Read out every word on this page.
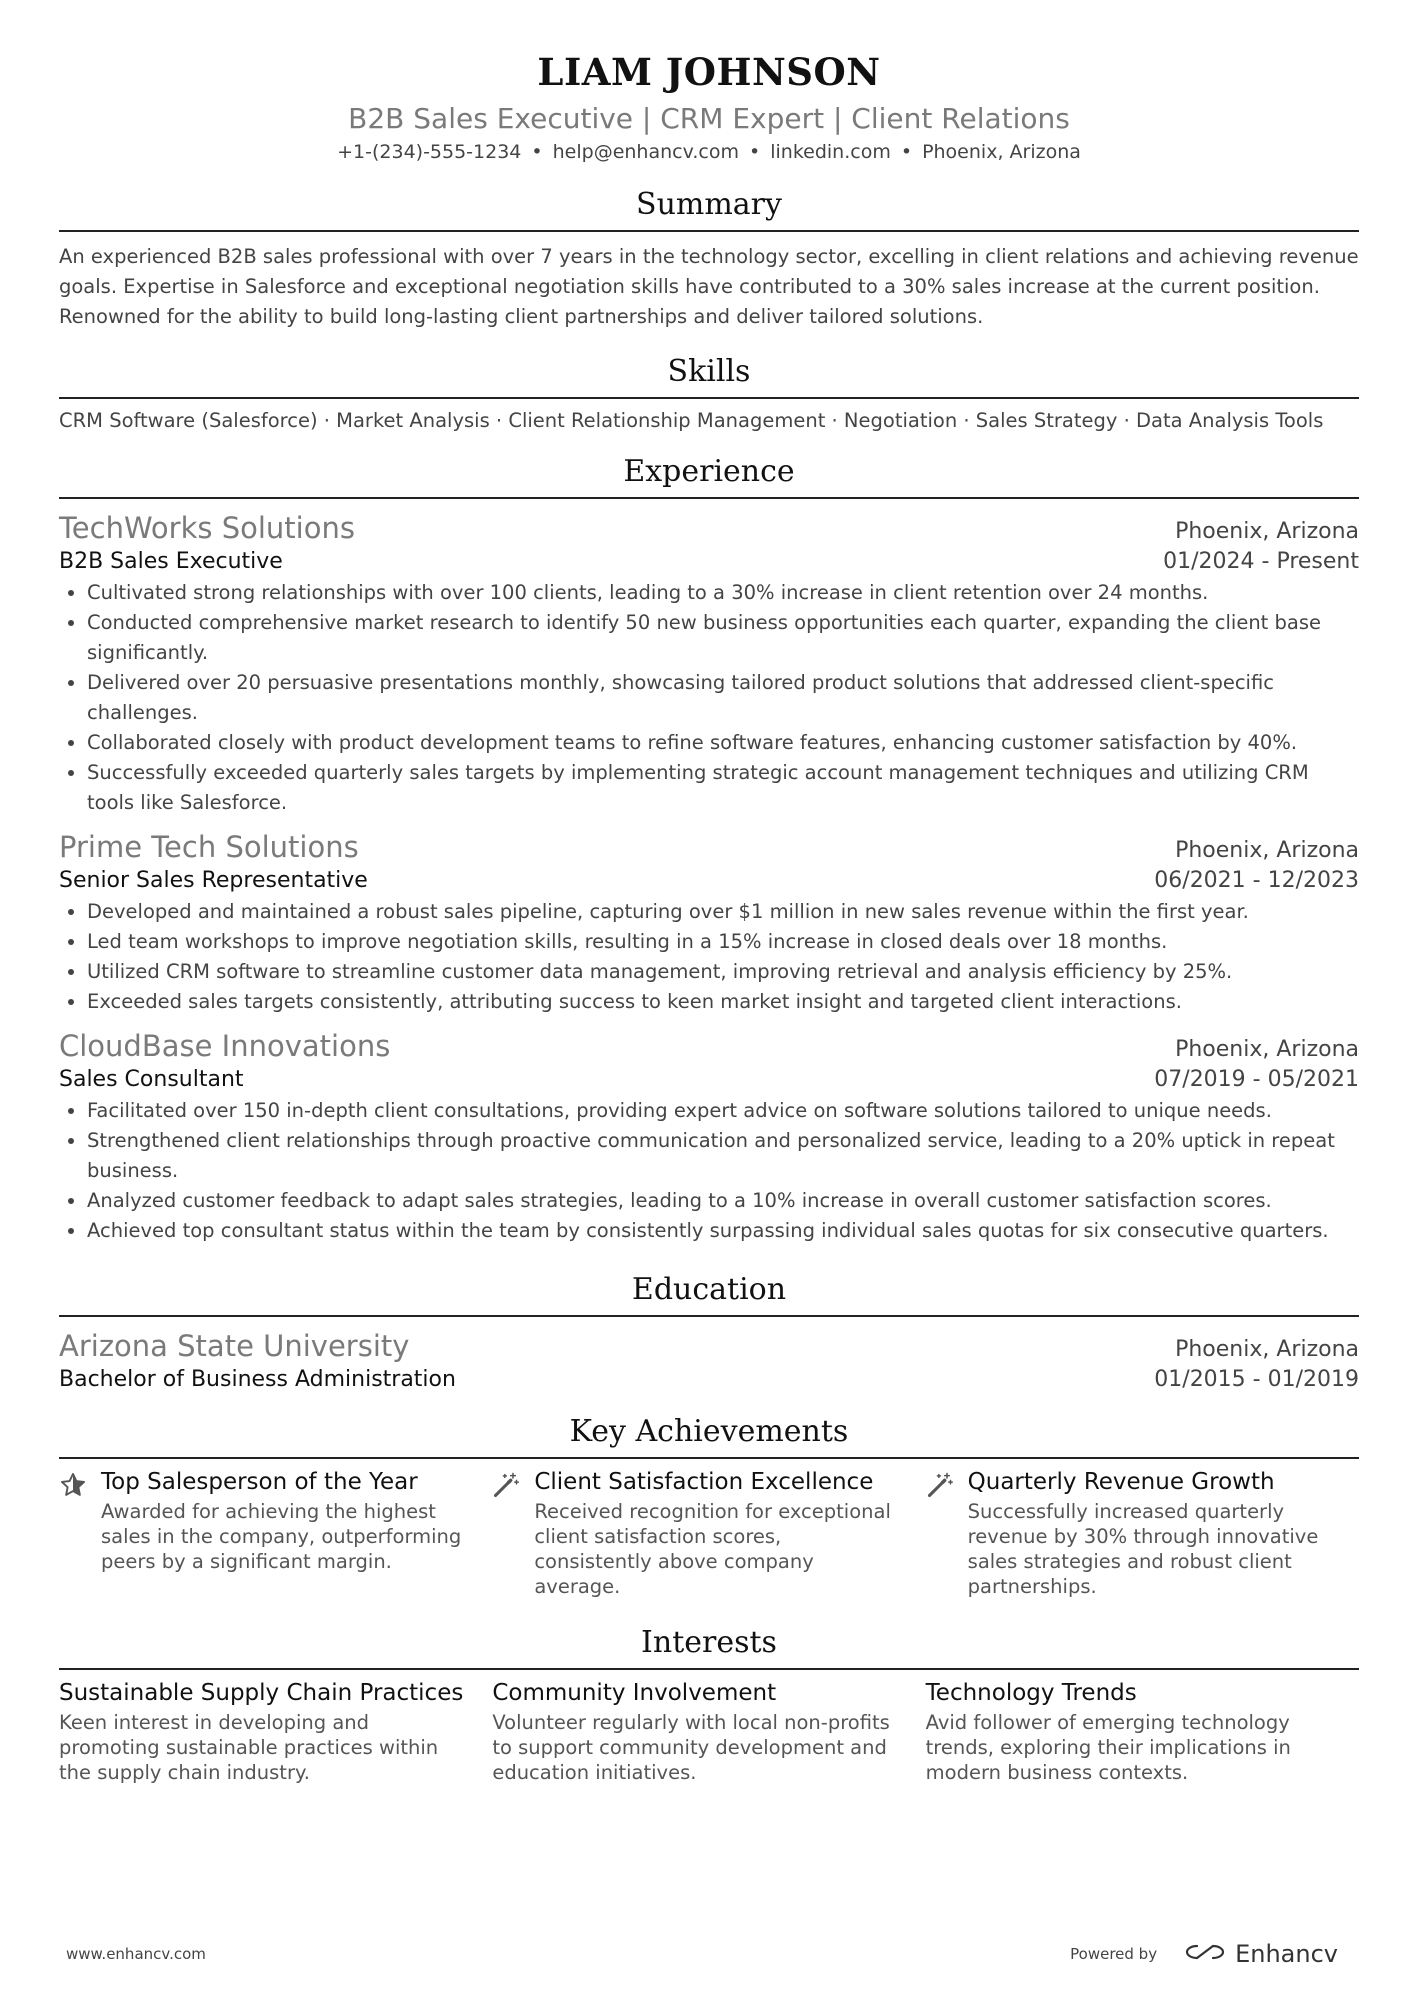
LIAM JOHNSON
B2B Sales Executive | CRM Expert | Client Relations
+1-(234)-555-1234 • help@enhancv.com • linkedin.com • Phoenix, Arizona
Summary
An experienced B2B sales professional with over 7 years in the technology sector, excelling in client relations and achieving revenue goals. Expertise in Salesforce and exceptional negotiation skills have contributed to a 30% sales increase at the current position. Renowned for the ability to build long-lasting client partnerships and deliver tailored solutions.
Skills
CRM Software (Salesforce) · Market Analysis · Client Relationship Management · Negotiation · Sales Strategy · Data Analysis Tools
Experience
TechWorks Solutions	Phoenix, Arizona
B2B Sales Executive	01/2024 - Present
• Cultivated strong relationships with over 100 clients, leading to a 30% increase in client retention over 24 months.
• Conducted comprehensive market research to identify 50 new business opportunities each quarter, expanding the client base significantly.
• Delivered over 20 persuasive presentations monthly, showcasing tailored product solutions that addressed client-specific challenges.
• Collaborated closely with product development teams to refine software features, enhancing customer satisfaction by 40%.
• Successfully exceeded quarterly sales targets by implementing strategic account management techniques and utilizing CRM tools like Salesforce.
Prime Tech Solutions	Phoenix, Arizona
Senior Sales Representative	06/2021 - 12/2023
• Developed and maintained a robust sales pipeline, capturing over $1 million in new sales revenue within the first year.
• Led team workshops to improve negotiation skills, resulting in a 15% increase in closed deals over 18 months.
• Utilized CRM software to streamline customer data management, improving retrieval and analysis efficiency by 25%.
• Exceeded sales targets consistently, attributing success to keen market insight and targeted client interactions.
CloudBase Innovations	Phoenix, Arizona
Sales Consultant	07/2019 - 05/2021
• Facilitated over 150 in-depth client consultations, providing expert advice on software solutions tailored to unique needs.
• Strengthened client relationships through proactive communication and personalized service, leading to a 20% uptick in repeat business.
• Analyzed customer feedback to adapt sales strategies, leading to a 10% increase in overall customer satisfaction scores.
• Achieved top consultant status within the team by consistently surpassing individual sales quotas for six consecutive quarters.
Education
Arizona State University	Phoenix, Arizona
Bachelor of Business Administration	01/2015 - 01/2019
Key Achievements
Top Salesperson of the Year
Awarded for achieving the highest sales in the company, outperforming peers by a significant margin.
Client Satisfaction Excellence
Received recognition for exceptional client satisfaction scores, consistently above company average.
Quarterly Revenue Growth
Successfully increased quarterly revenue by 30% through innovative sales strategies and robust client partnerships.
Interests
Sustainable Supply Chain Practices
Keen interest in developing and promoting sustainable practices within the supply chain industry.
Community Involvement
Volunteer regularly with local non-profits to support community development and education initiatives.
Technology Trends
Avid follower of emerging technology trends, exploring their implications in modern business contexts.
www.enhancv.com	Powered by	Enhancv
